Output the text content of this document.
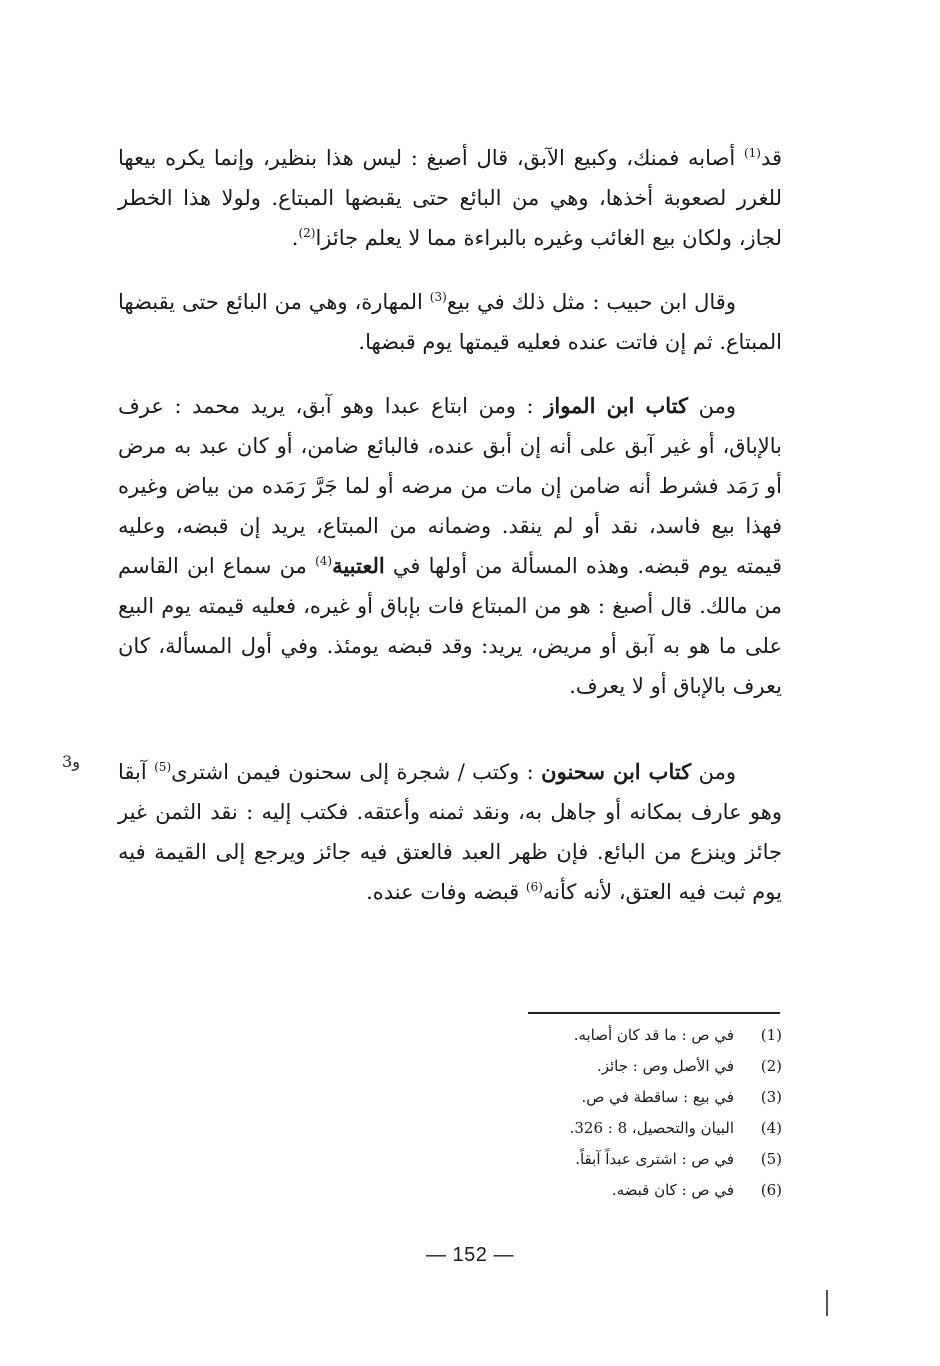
قد$^{(1)}$ أصابه فمنك، وكبيع الآبق، قال أصبغ : ليس هذا بنظير، وإنما يكره بيعها للغرر لصعوبة أخذها، وهي من البائع حتى يقبضها المبتاع. ولولا هذا الخطر لجاز، ولكان بيع الغائب وغيره بالبراءة مما لا يعلم جائزا$^{(2)}$.

وقال ابن حبيب : مثل ذلك في بيع$^{(3)}$ المهارة، وهي من البائع حتى يقبضها المبتاع. ثم إن فاتت عنده فعليه قيمتها يوم قبضها.

ومن كتاب ابن المواز : ومن ابتاع عبدا وهو آبق، يريد محمد : عرف بالإباق، أو غير آبق على أنه إن أبق عنده، فالبائع ضامن، أو كان عبد به مرض أو رَمَد فشرط أنه ضامن إن مات من مرضه أو لما جَرَّ رَمَده من بياض وغيره فهذا بيع فاسد، نقد أو لم ينقد. وضمانه من المبتاع، يريد إن قبضه، وعليه قيمته يوم قبضه. وهذه المسألة من أولها في العتبية$^{(4)}$ من سماع ابن القاسم من مالك. قال أصبغ : هو من المبتاع فات بإباق أو غيره، فعليه قيمته يوم البيع على ما هو به آبق أو مريض، يريد: وقد قبضه يومئذ. وفي أول المسألة، كان يعرف بالإباق أو لا يعرف.

ومن كتاب ابن سحنون : وكتب / شجرة إلى سحنون فيمن اشترى$^{(5)}$ آبقا وهو عارف بمكانه أو جاهل به، ونقد ثمنه وأعتقه. فكتب إليه : نقد الثمن غير جائز وينزع من البائع. فإن ظهر العبد فالعتق فيه جائز ويرجع إلى القيمة فيه يوم ثبت فيه العتق، لأنه كأنه$^{(6)}$ قبضه وفات عنده.

3و
(1)
في ص : ما قد كان أصابه.
(2)
في الأصل وص : جائز.
(3)
في بيع : ساقطة في ص.
(4)
البيان والتحصيل، 8 : 326.
(5)
في ص : اشترى عبداً آبقاً.
(6)
في ص : كان قبضه.
— 152 —
